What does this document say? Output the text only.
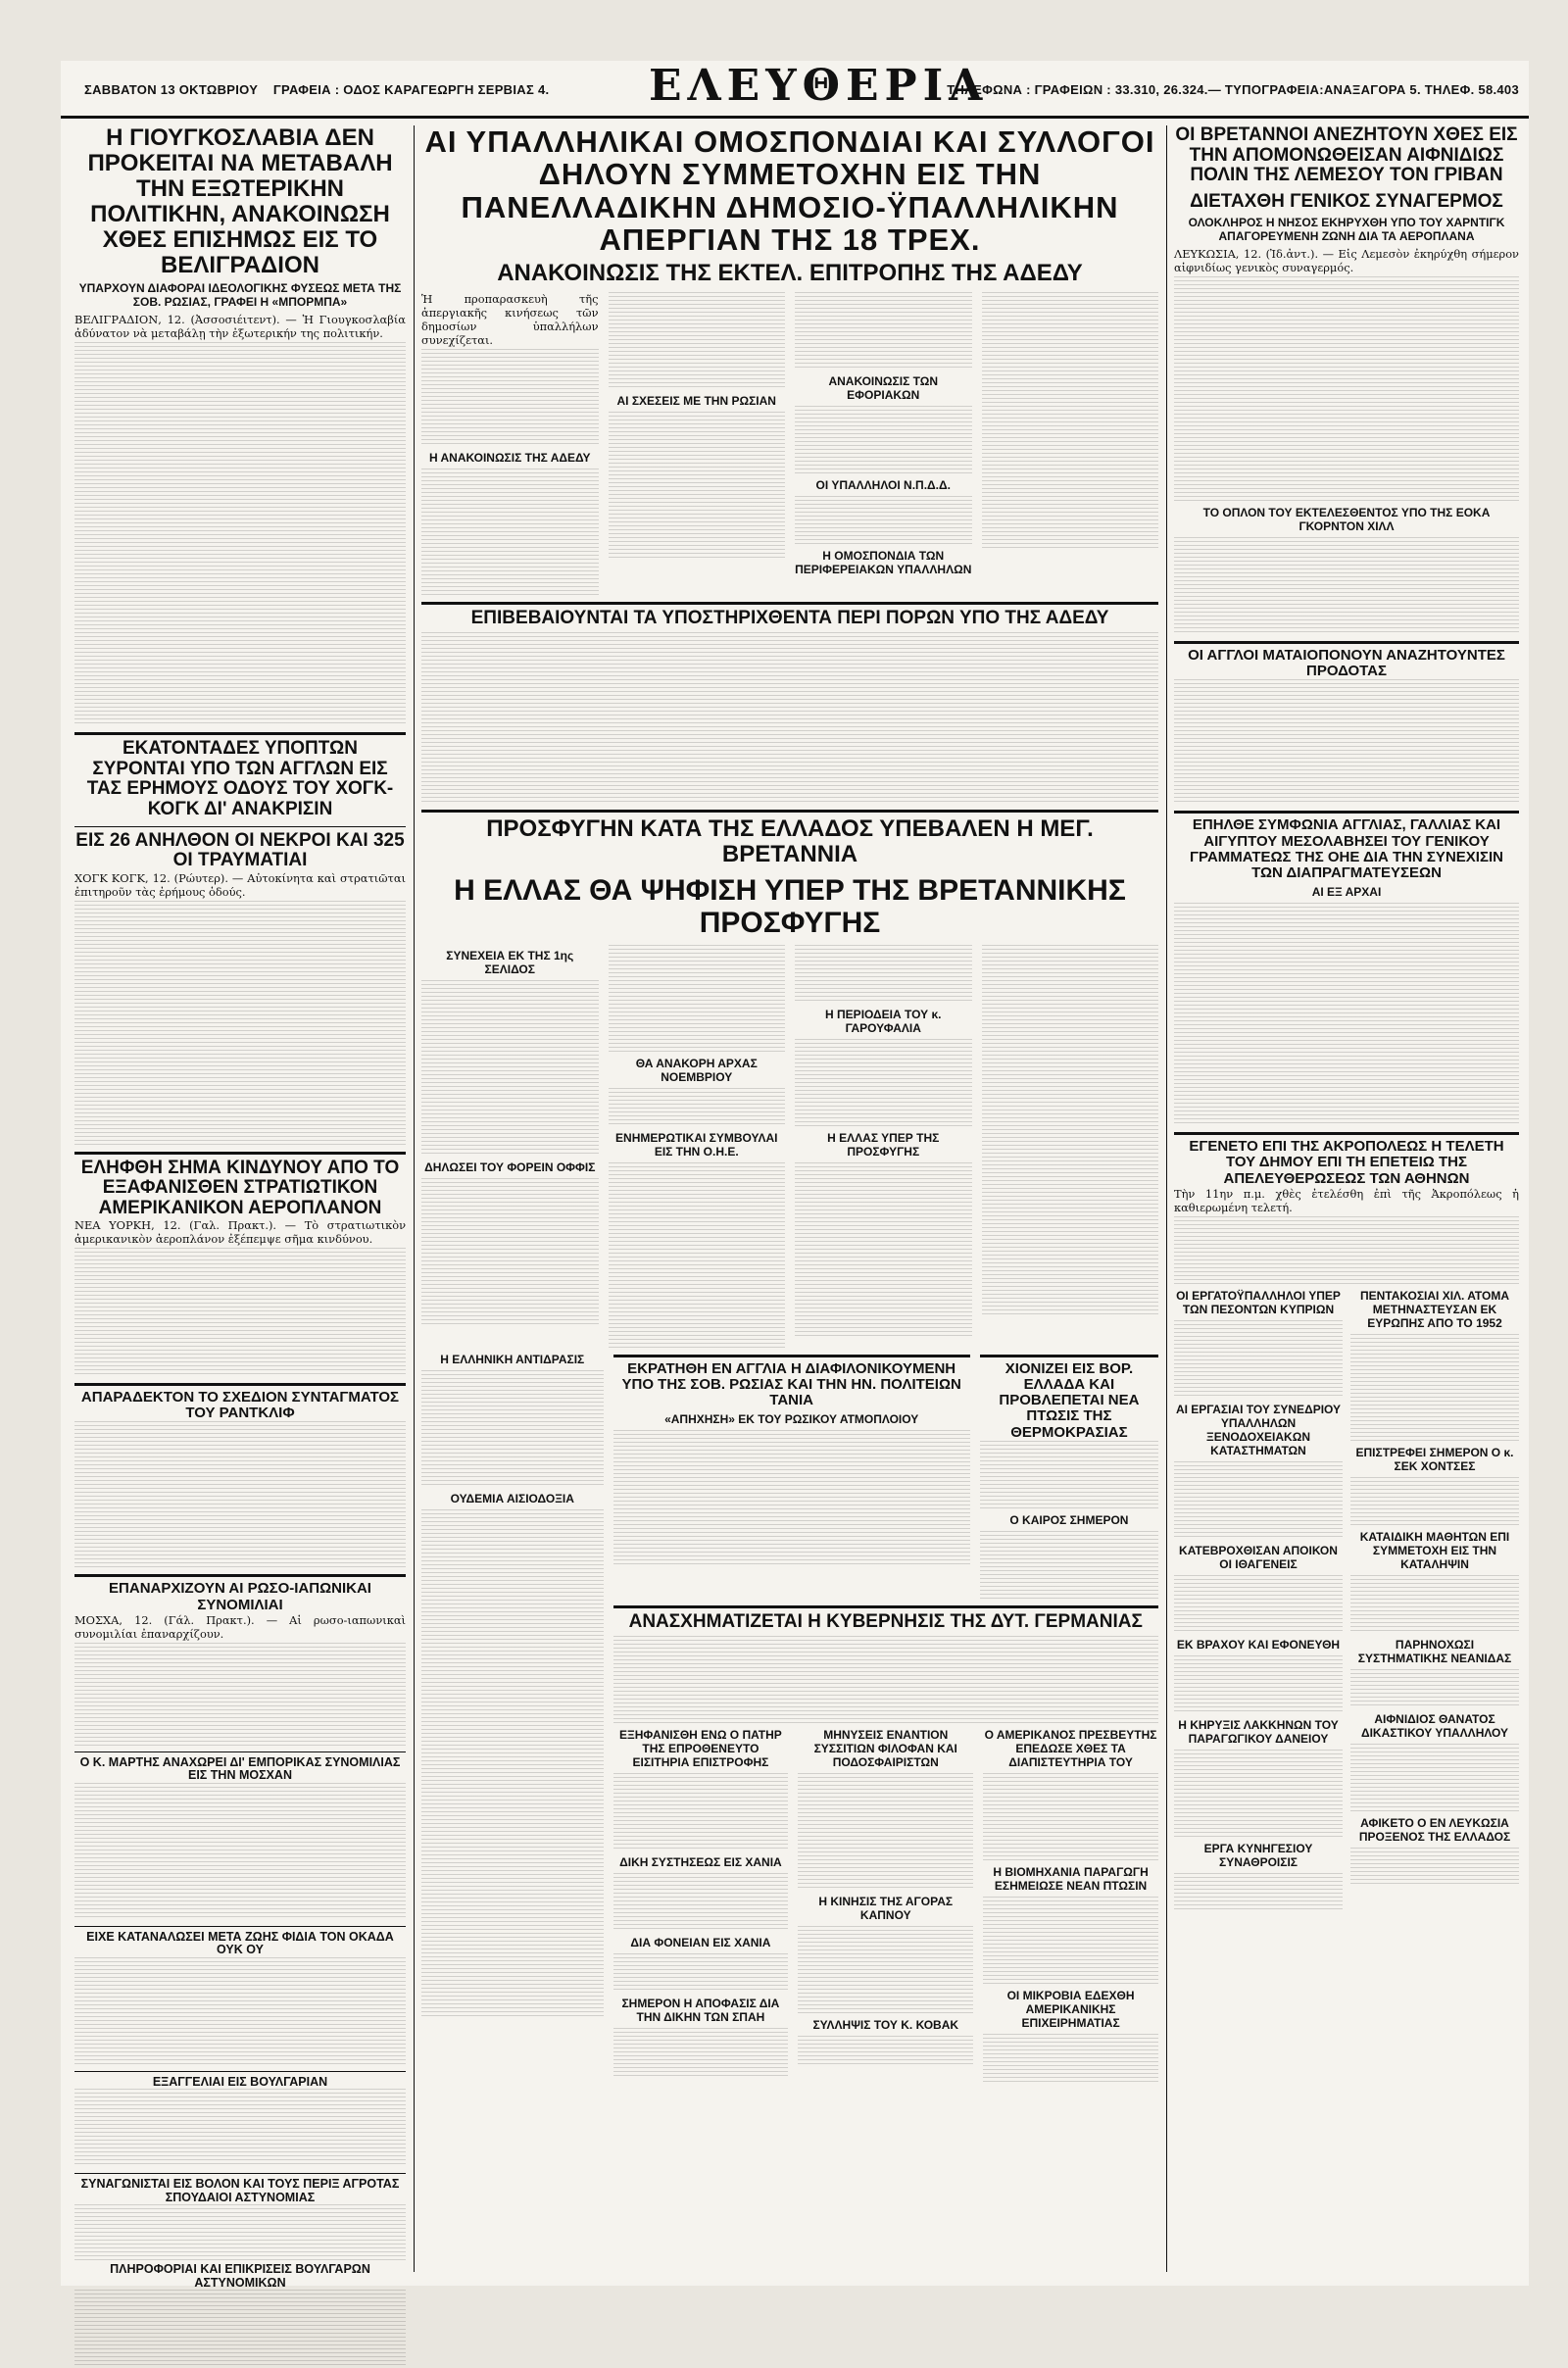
ΣΑΒΒΑΤΟΝ 13 ΟΚΤΩΒΡΙΟΥ ΓΡΑΦΕΙΑ : ΟΔΟΣ ΚΑΡΑΓΕΩΡΓΗ ΣΕΡΒΙΑΣ 4. ΕΛΕΥΘΕΡΙΑ
ΤΗΛΕΦΩΝΑ : ΓΡΑΦΕΙΩΝ : 33.310, 26.324.— ΤΥΠΟΓΡΑΦΕΙΑ:ΑΝΑΞΑΓΟΡΑ 5. ΤΗΛΕΦ. 58.403

Η ΓΙΟΥΓΚΟΣΛΑΒΙΑ ΔΕΝ ΠΡΟΚΕΙΤΑΙ ΝΑ ΜΕΤΑΒΑΛΗ ΤΗΝ ΕΞΩΤΕΡΙΚΗΝ ΠΟΛΙΤΙΚΗΝ, ΑΝΑΚΟΙΝΩΣΗ ΧΘΕΣ ΕΠΙΣΗΜΩΣ ΕΙΣ ΤΟ ΒΕΛΙΓΡΑΔΙΟΝ

ΥΠΑΡΧΟΥΝ ΔΙΑΦΟΡΑΙ ΙΔΕΟΛΟΓΙΚΗΣ ΦΥΣΕΩΣ ΜΕΤΑ ΤΗΣ ΣΟΒ. ΡΩΣΙΑΣ, ΓΡΑΦΕΙ Η «ΜΠΟΡΜΠΑ»

ΒΕΛΙΓΡΑΔΙΟΝ, 12. (Ἀσσοσιέιτεντ). — Ἡ Γιουγκοσλαβία ἀδύνατον νὰ μεταβάλῃ τὴν ἐξωτερικήν της πολιτικήν.

ΕΚΑΤΟΝΤΑΔΕΣ ΥΠΟΠΤΩΝ ΣΥΡΟΝΤΑΙ ΥΠΟ ΤΩΝ ΑΓΓΛΩΝ ΕΙΣ ΤΑΣ ΕΡΗΜΟΥΣ ΟΔΟΥΣ ΤΟΥ ΧΟΓΚ-ΚΟΓΚ ΔΙ' ΑΝΑΚΡΙΣΙΝ

ΕΙΣ 26 ΑΝΗΛΘΟΝ ΟΙ ΝΕΚΡΟΙ ΚΑΙ 325 ΟΙ ΤΡΑΥΜΑΤΙΑΙ

ΧΟΓΚ ΚΟΓΚ, 12. (Ρώυτερ). — Αὐτοκίνητα καὶ στρατιῶται ἐπιτηροῦν τὰς ἐρήμους ὁδούς.

ΕΛΗΦΘΗ ΣΗΜΑ ΚΙΝΔΥΝΟΥ ΑΠΟ ΤΟ ΕΞΑΦΑΝΙΣΘΕΝ ΣΤΡΑΤΙΩΤΙΚΟΝ ΑΜΕΡΙΚΑΝΙΚΟΝ ΑΕΡΟΠΛΑΝΟΝ

ΝΕΑ ΥΟΡΚΗ, 12. (Γαλ. Πρακτ.). — Τὸ στρατιωτικὸν ἀμερικανικὸν ἀεροπλάνον ἐξέπεμψε σῆμα κινδύνου.

ΑΠΑΡΑΔΕΚΤΟΝ ΤΟ ΣΧΕΔΙΟΝ ΣΥΝΤΑΓΜΑΤΟΣ ΤΟΥ ΡΑΝΤΚΛΙΦ

ΕΠΑΝΑΡΧΙΖΟΥΝ ΑΙ ΡΩΣΟ-ΙΑΠΩΝΙΚΑΙ ΣΥΝΟΜΙΛΙΑΙ

ΜΟΣΧΑ, 12. (Γάλ. Πρακτ.). — Αἱ ρωσο-ιαπωνικαὶ συνομιλίαι ἐπαναρχίζουν.

Ο Κ. ΜΑΡΤΗΣ ΑΝΑΧΩΡΕΙ ΔΙ' ΕΜΠΟΡΙΚΑΣ ΣΥΝΟΜΙΛΙΑΣ ΕΙΣ ΤΗΝ ΜΟΣΧΑΝ

ΕΙΧΕ ΚΑΤΑΝΑΛΩΣΕΙ ΜΕΤΑ ΖΩΗΣ ΦΙΔΙΑ ΤΟΝ ΟΚΑΔΑ ΟΥΚ ΟΥ

ΕΞΑΓΓΕΛΙΑΙ ΕΙΣ ΒΟΥΛΓΑΡΙΑΝ

ΣΥΝΑΓΩΝΙΣΤΑΙ ΕΙΣ ΒΟΛΟΝ ΚΑΙ ΤΟΥΣ ΠΕΡΙΞ ΑΓΡΟΤΑΣ ΣΠΟΥΔΑΙΟΙ ΑΣΤΥΝΟΜΙΑΣ

ΠΛΗΡΟΦΟΡΙΑΙ ΚΑΙ ΕΠΙΚΡΙΣΕΙΣ ΒΟΥΛΓΑΡΩΝ ΑΣΤΥΝΟΜΙΚΩΝ

ΑΙ ΥΠΑΛΛΗΛΙΚΑΙ ΟΜΟΣΠΟΝΔΙΑΙ ΚΑΙ ΣΥΛΛΟΓΟΙ ΔΗΛΟΥΝ ΣΥΜΜΕΤΟΧΗΝ ΕΙΣ ΤΗΝ ΠΑΝΕΛΛΑΔΙΚΗΝ ΔΗΜΟΣΙΟ-ΫΠΑΛΛΗΛΙΚΗΝ ΑΠΕΡΓΙΑΝ ΤΗΣ 18 ΤΡΕΧ.

ΑΝΑΚΟΙΝΩΣΙΣ ΤΗΣ ΕΚΤΕΛ. ΕΠΙΤΡΟΠΗΣ ΤΗΣ ΑΔΕΔΥ

Ἡ προπαρασκευὴ τῆς ἀπεργιακῆς κινήσεως τῶν δημοσίων ὑπαλλήλων συνεχίζεται.

Η ΑΝΑΚΟΙΝΩΣΙΣ ΤΗΣ ΑΔΕΔΥ
ΑΙ ΣΧΕΣΕΙΣ ΜΕ ΤΗΝ ΡΩΣΙΑΝ
ΑΝΑΚΟΙΝΩΣΙΣ ΤΩΝ ΕΦΟΡΙΑΚΩΝ
ΟΙ ΥΠΑΛΛΗΛΟΙ Ν.Π.Δ.Δ.
Η ΟΜΟΣΠΟΝΔΙΑ ΤΩΝ ΠΕΡΙΦΕΡΕΙΑΚΩΝ ΥΠΑΛΛΗΛΩΝ

ΕΠΙΒΕΒΑΙΟΥΝΤΑΙ ΤΑ ΥΠΟΣΤΗΡΙΧΘΕΝΤΑ ΠΕΡΙ ΠΟΡΩΝ ΥΠΟ ΤΗΣ ΑΔΕΔΥ

ΠΡΟΣΦΥΓΗΝ ΚΑΤΑ ΤΗΣ ΕΛΛΑΔΟΣ ΥΠΕΒΑΛΕΝ Η ΜΕΓ. ΒΡΕΤΑΝΝΙΑ

Η ΕΛΛΑΣ ΘΑ ΨΗΦΙΣΗ ΥΠΕΡ ΤΗΣ ΒΡΕΤΑΝΝΙΚΗΣ ΠΡΟΣΦΥΓΗΣ

ΣΥΝΕΧΕΙΑ ΕΚ ΤΗΣ 1ης ΣΕΛΙΔΟΣ
ΔΗΛΩΣΕΙ ΤΟΥ ΦΟΡΕΙΝ ΟΦΦΙΣ
ΘΑ ΑΝΑΚΟΡΗ ΑΡΧΑΣ ΝΟΕΜΒΡΙΟΥ
ΕΝΗΜΕΡΩΤΙΚΑΙ ΣΥΜΒΟΥΛΑΙ ΕΙΣ ΤΗΝ Ο.Η.Ε.
Η ΠΕΡΙΟΔΕΙΑ ΤΟΥ κ. ΓΑΡΟΥΦΑΛΙΑ
Η ΕΛΛΑΣ ΥΠΕΡ ΤΗΣ ΠΡΟΣΦΥΓΗΣ
Η ΕΛΛΗΝΙΚΗ ΑΝΤΙΔΡΑΣΙΣ
ΟΥΔΕΜΙΑ ΑΙΣΙΟΔΟΞΙΑ

ΕΚΡΑΤΗΘΗ ΕΝ ΑΓΓΛΙΑ Η ΔΙΑΦΙΛΟΝΙΚΟΥΜΕΝΗ ΥΠΟ ΤΗΣ ΣΟΒ. ΡΩΣΙΑΣ ΚΑΙ ΤΗΝ ΗΝ. ΠΟΛΙΤΕΙΩΝ ΤΑΝΙΑ

«ΑΠΗΧΗΣΗ» ΕΚ ΤΟΥ ΡΩΣΙΚΟΥ ΑΤΜΟΠΛΟΙΟΥ

ΧΙΟΝΙΖΕΙ ΕΙΣ ΒΟΡ. ΕΛΛΑΔΑ ΚΑΙ ΠΡΟΒΛΕΠΕΤΑΙ ΝΕΑ ΠΤΩΣΙΣ ΤΗΣ ΘΕΡΜΟΚΡΑΣΙΑΣ

Ο ΚΑΙΡΟΣ ΣΗΜΕΡΟΝ

ΑΝΑΣΧΗΜΑΤΙΖΕΤΑΙ Η ΚΥΒΕΡΝΗΣΙΣ ΤΗΣ ΔΥΤ. ΓΕΡΜΑΝΙΑΣ

ΕΞΗΦΑΝΙΣΘΗ ΕΝΩ Ο ΠΑΤΗΡ ΤΗΣ ΕΠΡΟΘΕΝΕΥΤΟ ΕΙΣΙΤΗΡΙΑ ΕΠΙΣΤΡΟΦΗΣ
ΔΙΚΗ ΣΥΣΤΗΣΕΩΣ ΕΙΣ ΧΑΝΙΑ
ΔΙΑ ΦΟΝΕΙΑΝ ΕΙΣ ΧΑΝΙΑ
ΣΗΜΕΡΟΝ Η ΑΠΟΦΑΣΙΣ ΔΙΑ ΤΗΝ ΔΙΚΗΝ ΤΩΝ ΣΠΑΗ
ΜΗΝΥΣΕΙΣ ΕΝΑΝΤΙΟΝ ΣΥΣΣΙΤΙΩΝ ΦΙΛΟΦΑΝ ΚΑΙ ΠΟΔΟΣΦΑΙΡΙΣΤΩΝ
Η ΚΙΝΗΣΙΣ ΤΗΣ ΑΓΟΡΑΣ ΚΑΠΝΟΥ
ΣΥΛΛΗΨΙΣ ΤΟΥ Κ. ΚΟΒΑΚ
Ο ΑΜΕΡΙΚΑΝΟΣ ΠΡΕΣΒΕΥΤΗΣ ΕΠΕΔΩΣΕ ΧΘΕΣ ΤΑ ΔΙΑΠΙΣΤΕΥΤΗΡΙΑ ΤΟΥ
Η ΒΙΟΜΗΧΑΝΙΑ ΠΑΡΑΓΩΓΗ ΕΣΗΜΕΙΩΣΕ ΝΕΑΝ ΠΤΩΣΙΝ
ΟΙ ΜΙΚΡΟΒΙΑ ΕΔΕΧΘΗ ΑΜΕΡΙΚΑΝΙΚΗΣ ΕΠΙΧΕΙΡΗΜΑΤΙΑΣ

ΟΙ ΒΡΕΤΑΝΝΟΙ ΑΝΕΖΗΤΟΥΝ ΧΘΕΣ ΕΙΣ ΤΗΝ ΑΠΟΜΟΝΩΘΕΙΣΑΝ ΑΙΦΝΙΔΙΩΣ ΠΟΛΙΝ ΤΗΣ ΛΕΜΕΣΟΥ ΤΟΝ ΓΡΙΒΑΝ

ΔΙΕΤΑΧΘΗ ΓΕΝΙΚΟΣ ΣΥΝΑΓΕΡΜΟΣ

ΟΛΟΚΛΗΡΟΣ Η ΝΗΣΟΣ ΕΚΗΡΥΧΘΗ ΥΠΟ ΤΟΥ ΧΑΡΝΤΙΓΚ ΑΠΑΓΟΡΕΥΜΕΝΗ ΖΩΝΗ ΔΙΑ ΤΑ ΑΕΡΟΠΛΑΝΑ

ΛΕΥΚΩΣΙΑ, 12. (Ἰδ.ἀντ.). — Εἰς Λεμεσὸν ἐκηρύχθη σήμερον αἰφνιδίως γενικὸς συναγερμός.

ΤΟ ΟΠΛΟΝ ΤΟΥ ΕΚΤΕΛΕΣΘΕΝΤΟΣ ΥΠΟ ΤΗΣ ΕΟΚΑ ΓΚΟΡΝΤΟΝ ΧΙΛΛ

ΟΙ ΑΓΓΛΟΙ ΜΑΤΑΙΟΠΟΝΟΥΝ ΑΝΑΖΗΤΟΥΝΤΕΣ ΠΡΟΔΟΤΑΣ

ΕΠΗΛΘΕ ΣΥΜΦΩΝΙΑ ΑΓΓΛΙΑΣ, ΓΑΛΛΙΑΣ ΚΑΙ ΑΙΓΥΠΤΟΥ ΜΕΣΟΛΑΒΗΣΕΙ ΤΟΥ ΓΕΝΙΚΟΥ ΓΡΑΜΜΑΤΕΩΣ ΤΗΣ ΟΗΕ ΔΙΑ ΤΗΝ ΣΥΝΕΧΙΣΙΝ ΤΩΝ ΔΙΑΠΡΑΓΜΑΤΕΥΣΕΩΝ

ΑΙ ΕΞ ΑΡΧΑΙ

ΕΓΕΝΕΤΟ ΕΠΙ ΤΗΣ ΑΚΡΟΠΟΛΕΩΣ Η ΤΕΛΕΤΗ ΤΟΥ ΔΗΜΟΥ ΕΠΙ ΤΗ ΕΠΕΤΕΙΩ ΤΗΣ ΑΠΕΛΕΥΘΕΡΩΣΕΩΣ ΤΩΝ ΑΘΗΝΩΝ

Τὴν 11ην π.μ. χθὲς ἐτελέσθη ἐπὶ τῆς Ἀκροπόλεως ἡ καθιερωμένη τελετή.

ΟΙ ΕΡΓΑΤΟΫΠΑΛΛΗΛΟΙ ΥΠΕΡ ΤΩΝ ΠΕΣΟΝΤΩΝ ΚΥΠΡΙΩΝ
ΑΙ ΕΡΓΑΣΙΑΙ ΤΟΥ ΣΥΝΕΔΡΙΟΥ ΥΠΑΛΛΗΛΩΝ ΞΕΝΟΔΟΧΕΙΑΚΩΝ ΚΑΤΑΣΤΗΜΑΤΩΝ
ΚΑΤΕΒΡΟΧΘΙΣΑΝ ΑΠΟΙΚΟΝ ΟΙ ΙΘΑΓΕΝΕΙΣ
ΕΚ ΒΡΑΧΟΥ ΚΑΙ ΕΦΟΝΕΥΘΗ
Η ΚΗΡΥΞΙΣ ΛΑΚΚΗΝΩΝ ΤΟΥ ΠΑΡΑΓΩΓΙΚΟΥ ΔΑΝΕΙΟΥ
ΕΡΓΑ ΚΥΝΗΓΕΣΙΟΥ ΣΥΝΑΘΡΟΙΣΙΣ
ΠΕΝΤΑΚΟΣΙΑΙ ΧΙΛ. ΑΤΟΜΑ ΜΕΤΗΝΑΣΤΕΥΣΑΝ ΕΚ ΕΥΡΩΠΗΣ ΑΠΟ ΤΟ 1952
ΕΠΙΣΤΡΕΦΕΙ ΣΗΜΕΡΟΝ Ο κ. ΣΕΚ ΧΟΝΤΣΕΣ
ΚΑΤΑΙΔΙΚΗ ΜΑΘΗΤΩΝ ΕΠΙ ΣΥΜΜΕΤΟΧΗ ΕΙΣ ΤΗΝ ΚΑΤΑΛΗΨΙΝ
ΠΑΡΗΝΟΧΩΣΙ ΣΥΣΤΗΜΑΤΙΚΗΣ ΝΕΑΝΙΔΑΣ
ΑΙΦΝΙΔΙΟΣ ΘΑΝΑΤΟΣ ΔΙΚΑΣΤΙΚΟΥ ΥΠΑΛΛΗΛΟΥ
ΑΦΙΚΕΤΟ Ο ΕΝ ΛΕΥΚΩΣΙΑ ΠΡΟΞΕΝΟΣ ΤΗΣ ΕΛΛΑΔΟΣ
